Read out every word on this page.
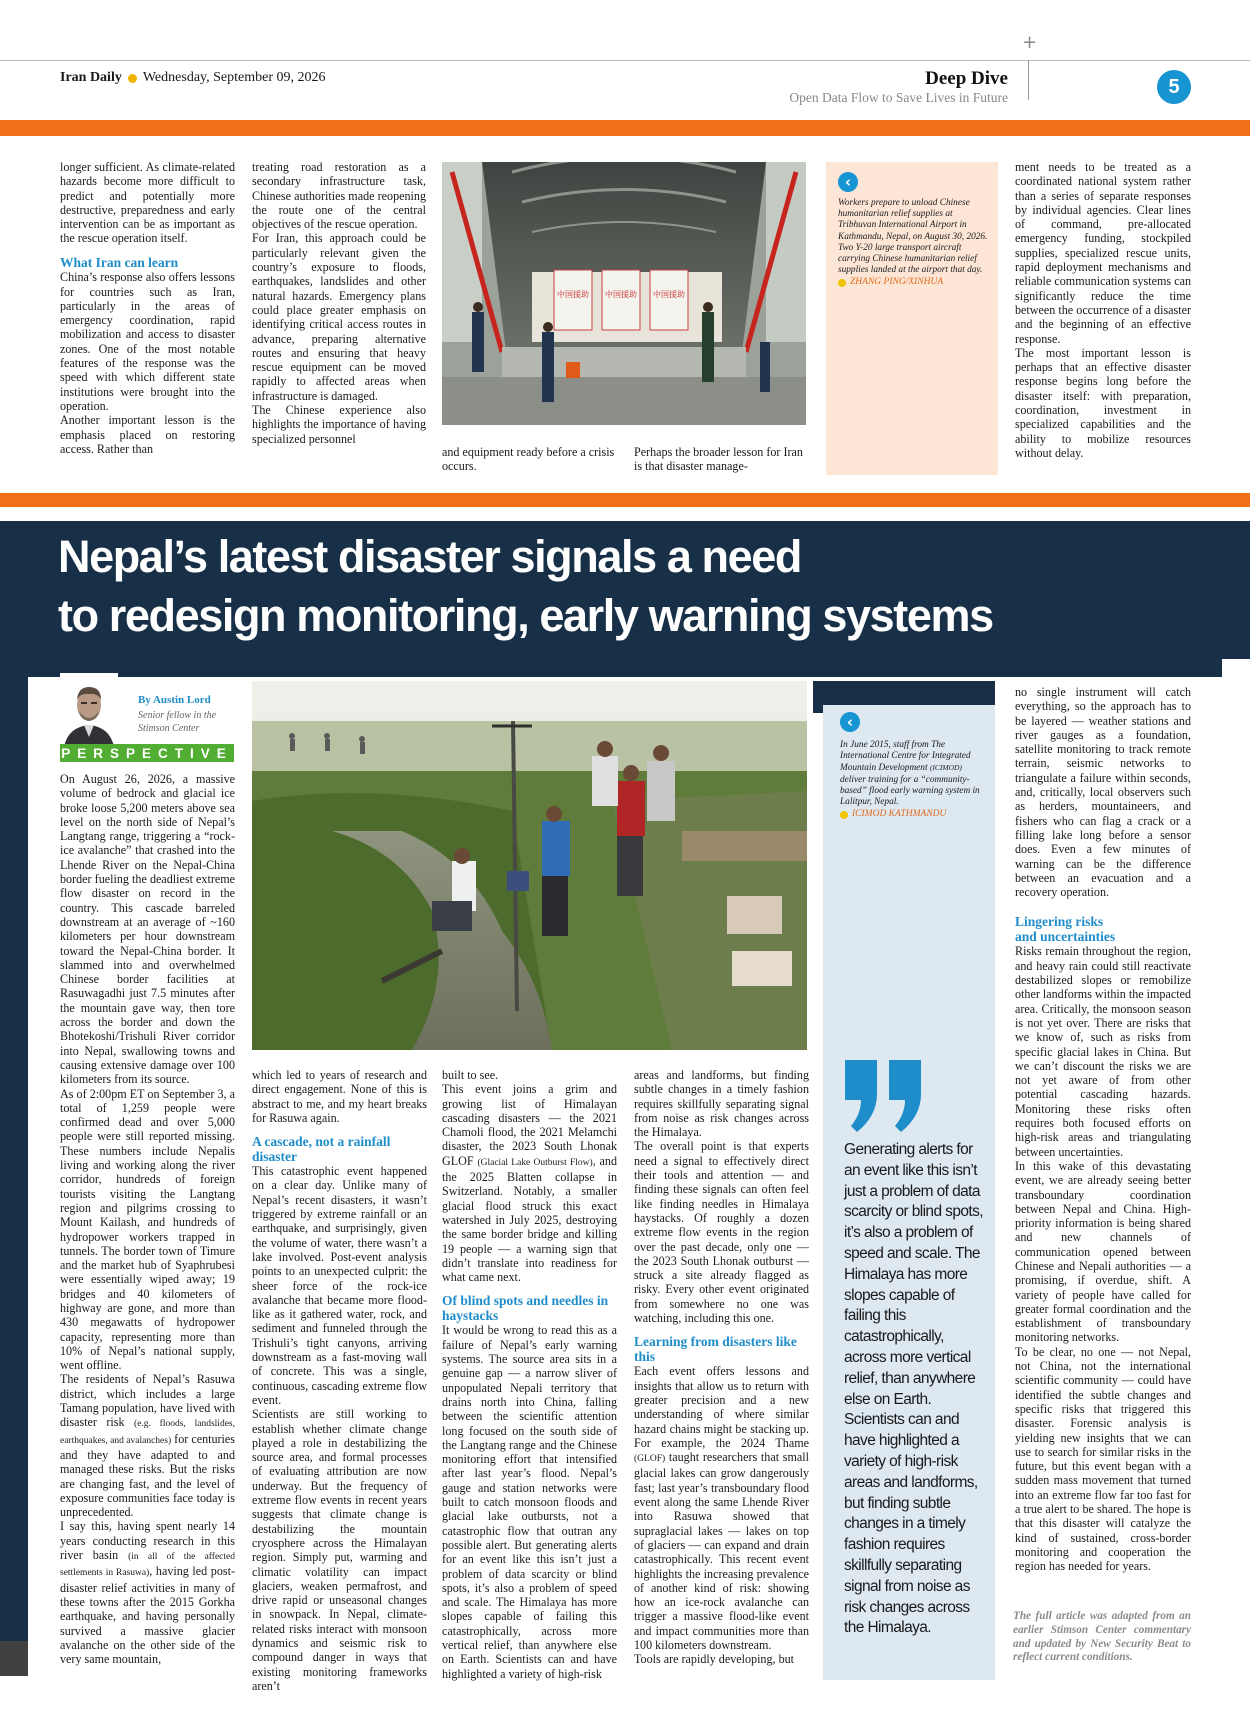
+
Iran Daily Wednesday, September 09, 2026	Deep Dive
Open Data Flow to Save Lives in Future	5

longer sufficient. As climate-related hazards become more difficult to predict and potentially more destructive, preparedness and early intervention can be as important as the rescue operation itself.

What Iran can learn

China’s response also offers lessons for countries such as Iran, particularly in the areas of emergency coordination, rapid mobilization and access to disaster zones. One of the most notable features of the response was the speed with which different state institutions were brought into the operation.

Another important lesson is the emphasis placed on restoring access. Rather than

treating road restoration as a secondary infrastructure task, Chinese authorities made reopening the route one of the central objectives of the rescue operation.

For Iran, this approach could be particularly relevant given the country’s exposure to floods, earthquakes, landslides and other natural hazards. Emergency plans could place greater emphasis on identifying critical access routes in advance, preparing alternative routes and ensuring that heavy rescue equipment can be moved rapidly to affected areas when infrastructure is damaged.

The Chinese experience also highlights the importance of having specialized personnel

中国援助 中国援助 中国援助

and equipment ready before a crisis occurs.

Perhaps the broader lesson for Iran is that disaster manage-

‹
Workers prepare to unload Chinese humanitarian relief supplies at Tribhuvan International Airport in Kathmandu, Nepal, on August 30, 2026. Two Y-20 large transport aircraft carrying Chinese humanitarian relief supplies landed at the airport that day.
ZHANG PING/XINHUA

ment needs to be treated as a coordinated national system rather than a series of separate responses by individual agencies. Clear lines of command, pre-allocated emergency funding, stockpiled supplies, specialized rescue units, rapid deployment mechanisms and reliable communication systems can significantly reduce the time between the occurrence of a disaster and the beginning of an effective response.

The most important lesson is perhaps that an effective disaster response begins long before the disaster itself: with preparation, coordination, investment in specialized capabilities and the ability to mobilize resources without delay.

Nepal’s latest disaster signals a need
to redesign monitoring, early warning systems
By Austin Lord
Senior fellow in the
Stimson Center
PERSPECTIVE

On August 26, 2026, a massive volume of bedrock and glacial ice broke loose 5,200 meters above sea level on the north side of Nepal’s Langtang range, triggering a “rock-ice avalanche” that crashed into the Lhende River on the Nepal-China border fueling the deadliest extreme flow disaster on record in the country. This cascade barreled downstream at an average of ~160 kilometers per hour downstream toward the Nepal-China border. It slammed into and overwhelmed Chinese border facilities at Rasuwagadhi just 7.5 minutes after the mountain gave way, then tore across the border and down the Bhotekoshi/Trishuli River corridor into Nepal, swallowing towns and causing extensive damage over 100 kilometers from its source.

As of 2:00pm ET on September 3, a total of 1,259 people were confirmed dead and over 5,000 people were still reported missing. These numbers include Nepalis living and working along the river corridor, hundreds of foreign tourists visiting the Langtang region and pilgrims crossing to Mount Kailash, and hundreds of hydropower workers trapped in tunnels. The border town of Timure and the market hub of Syaphrubesi were essentially wiped away; 19 bridges and 40 kilometers of highway are gone, and more than 430 megawatts of hydropower capacity, representing more than 10% of Nepal’s national supply, went offline.

The residents of Nepal’s Rasuwa district, which includes a large Tamang population, have lived with disaster risk (e.g. floods, landslides, earthquakes, and avalanches) for centuries and they have adapted to and managed these risks. But the risks are changing fast, and the level of exposure communities face today is unprecedented.

I say this, having spent nearly 14 years conducting research in this river basin (in all of the affected settlements in Rasuwa), having led post-disaster relief activities in many of these towns after the 2015 Gorkha earthquake, and having personally survived a massive glacier avalanche on the other side of the very same mountain,

which led to years of research and direct engagement. None of this is abstract to me, and my heart breaks for Rasuwa again.

A cascade, not a rainfall disaster

This catastrophic event happened on a clear day. Unlike many of Nepal’s recent disasters, it wasn’t triggered by extreme rainfall or an earthquake, and surprisingly, given the volume of water, there wasn’t a lake involved. Post-event analysis points to an unexpected culprit: the sheer force of the rock-ice avalanche that became more flood-like as it gathered water, rock, and sediment and funneled through the Trishuli’s tight canyons, arriving downstream as a fast-moving wall of concrete. This was a single, continuous, cascading extreme flow event.

Scientists are still working to establish whether climate change played a role in destabilizing the source area, and formal processes of evaluating attribution are now underway. But the frequency of extreme flow events in recent years suggests that climate change is destabilizing the mountain cryosphere across the Himalayan region. Simply put, warming and climatic volatility can impact glaciers, weaken permafrost, and drive rapid or unseasonal changes in snowpack. In Nepal, climate-related risks interact with monsoon dynamics and seismic risk to compound danger in ways that existing monitoring frameworks aren’t

built to see.

This event joins a grim and growing list of Himalayan cascading disasters — the 2021 Chamoli flood, the 2021 Melamchi disaster, the 2023 South Lhonak GLOF (Glacial Lake Outburst Flow), and the 2025 Blatten collapse in Switzerland. Notably, a smaller glacial flood struck this exact watershed in July 2025, destroying the same border bridge and killing 19 people — a warning sign that didn’t translate into readiness for what came next.

Of blind spots and needles in haystacks

It would be wrong to read this as a failure of Nepal’s early warning systems. The source area sits in a genuine gap — a narrow sliver of unpopulated Nepali territory that drains north into China, falling between the scientific attention long focused on the south side of the Langtang range and the Chinese monitoring effort that intensified after last year’s flood. Nepal’s gauge and station networks were built to catch monsoon floods and glacial lake outbursts, not a catastrophic flow that outran any possible alert. But generating alerts for an event like this isn’t just a problem of data scarcity or blind spots, it’s also a problem of speed and scale. The Himalaya has more slopes capable of failing this catastrophically, across more vertical relief, than anywhere else on Earth. Scientists can and have highlighted a variety of high-risk

areas and landforms, but finding subtle changes in a timely fashion requires skillfully separating signal from noise as risk changes across the Himalaya.

The overall point is that experts need a signal to effectively direct their tools and attention — and finding these signals can often feel like finding needles in Himalaya haystacks. Of roughly a dozen extreme flow events in the region over the past decade, only one — the 2023 South Lhonak outburst — struck a site already flagged as risky. Every other event originated from somewhere no one was watching, including this one.

Learning from disasters like this

Each event offers lessons and insights that allow us to return with greater precision and a new understanding of where similar hazard chains might be stacking up. For example, the 2024 Thame (GLOF) taught researchers that small glacial lakes can grow dangerously fast; last year’s transboundary flood event along the same Lhende River into Rasuwa showed that supraglacial lakes — lakes on top of glaciers — can expand and drain catastrophically. This recent event highlights the increasing prevalence of another kind of risk: showing how an ice-rock avalanche can trigger a massive flood-like event and impact communities more than 100 kilometers downstream.

Tools are rapidly developing, but

‹
In June 2015, staff from The International Centre for Integrated Mountain Development (ICIMOD) deliver training for a “community-based” flood early warning system in Lalitpur, Nepal.
ICIMOD KATHMANDU
Generating alerts for an event like this isn’t just a problem of data scarcity or blind spots, it’s also a problem of speed and scale. The Himalaya has more slopes capable of failing this catastrophically, across more vertical relief, than anywhere else on Earth. Scientists can and have highlighted a variety of high-risk areas and landforms, but finding subtle changes in a timely fashion requires skillfully separating signal from noise as risk changes across the Himalaya.

no single instrument will catch everything, so the approach has to be layered — weather stations and river gauges as a foundation, satellite monitoring to track remote terrain, seismic networks to triangulate a failure within seconds, and, critically, local observers such as herders, mountaineers, and fishers who can flag a crack or a filling lake long before a sensor does. Even a few minutes of warning can be the difference between an evacuation and a recovery operation.

Lingering risks
and uncertainties

Risks remain throughout the region, and heavy rain could still reactivate destabilized slopes or remobilize other landforms within the impacted area. Critically, the monsoon season is not yet over. There are risks that we know of, such as risks from specific glacial lakes in China. But we can’t discount the risks we are not yet aware of from other potential cascading hazards. Monitoring these risks often requires both focused efforts on high-risk areas and triangulating between uncertainties.

In this wake of this devastating event, we are already seeing better transboundary coordination between Nepal and China. High-priority information is being shared and new channels of communication opened between Chinese and Nepali authorities — a promising, if overdue, shift. A variety of people have called for greater formal coordination and the establishment of transboundary monitoring networks.

To be clear, no one — not Nepal, not China, not the international scientific community — could have identified the subtle changes and specific risks that triggered this disaster. Forensic analysis is yielding new insights that we can use to search for similar risks in the future, but this event began with a sudden mass movement that turned into an extreme flow far too fast for a true alert to be shared. The hope is that this disaster will catalyze the kind of sustained, cross-border monitoring and cooperation the region has needed for years.

The full article was adapted from an earlier Stimson Center commentary and updated by New Security Beat to reflect current conditions.
